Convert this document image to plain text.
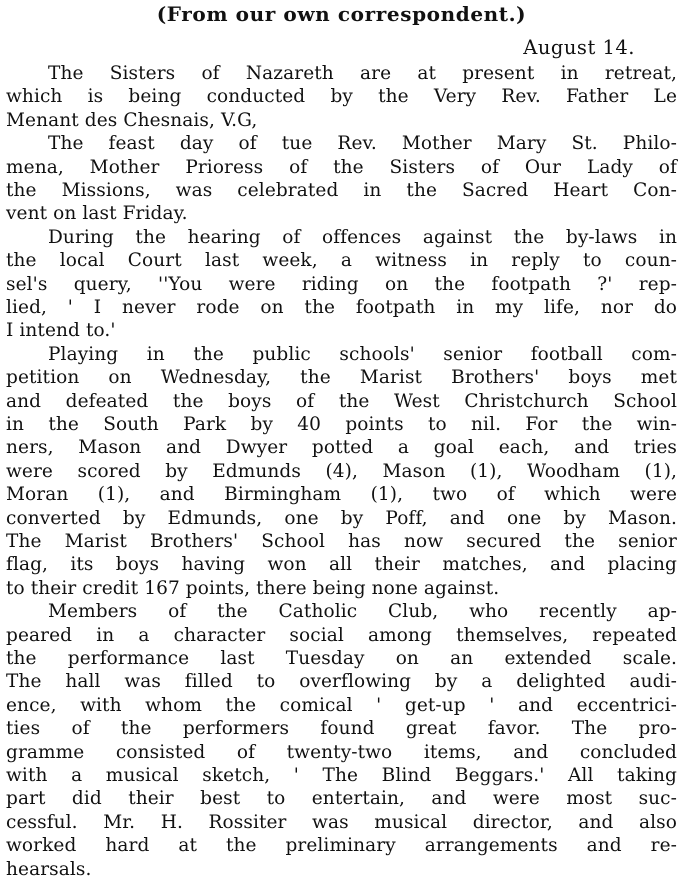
(From our own correspondent.)
August 14.
The Sisters of Nazareth are at present in retreat,
which is being conducted by the Very Rev. Father Le
Menant des Chesnais, V.G,
The feast day of tue Rev. Mother Mary St. Philo-
mena, Mother Prioress of the Sisters of Our Lady of
the Missions, was celebrated in the Sacred Heart Con-
vent on last Friday.
During the hearing of offences against the by-laws in
the local Court last week, a witness in reply to coun-
sel's query, ''You were riding on the footpath ?' rep-
lied, ' I never rode on the footpath in my life, nor do
I intend to.'
Playing in the public schools' senior football com-
petition on Wednesday, the Marist Brothers' boys met
and defeated the boys of the West Christchurch School
in the South Park by 40 points to nil. For the win-
ners, Mason and Dwyer potted a goal each, and tries
were scored by Edmunds (4), Mason (1), Woodham (1),
Moran (1), and Birmingham (1), two of which were
converted by Edmunds, one by Poff, and one by Mason.
The Marist Brothers' School has now secured the senior
flag, its boys having won all their matches, and placing
to their credit 167 points, there being none against.
Members of the Catholic Club, who recently ap-
peared in a character social among themselves, repeated
the performance last Tuesday on an extended scale.
The hall was filled to overflowing by a delighted audi-
ence, with whom the comical ' get-up ' and eccentrici-
ties of the performers found great favor. The pro-
gramme consisted of twenty-two items, and concluded
with a musical sketch, ' The Blind Beggars.' All taking
part did their best to entertain, and were most suc-
cessful. Mr. H. Rossiter was musical director, and also
worked hard at the preliminary arrangements and re-
hearsals.
